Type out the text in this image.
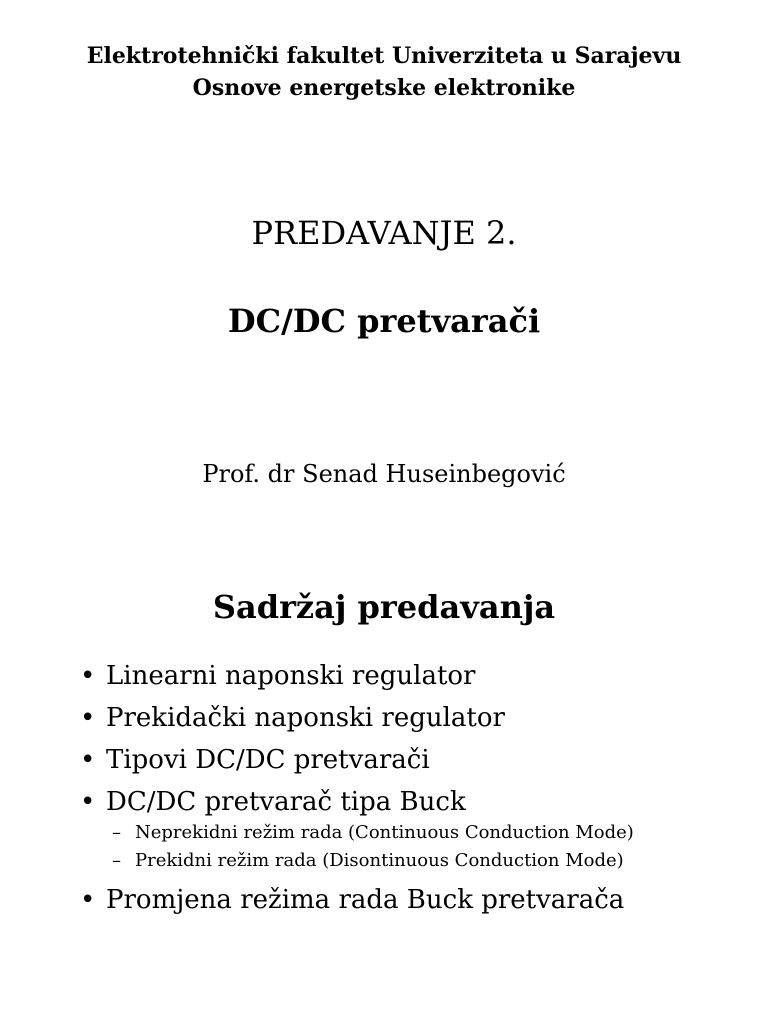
Elektrotehnički fakultet Univerziteta u Sarajevu
Osnove energetske elektronike
PREDAVANJE 2.
DC/DC pretvarači
Prof. dr Senad Huseinbegović
Sadržaj predavanja
• Linearni naponski regulator
• Prekidački naponski regulator
• Tipovi DC/DC pretvarači
• DC/DC pretvarač tipa Buck
– Neprekidni režim rada (Continuous Conduction Mode)
– Prekidni režim rada (Disontinuous Conduction Mode)
• Promjena režima rada Buck pretvarača
